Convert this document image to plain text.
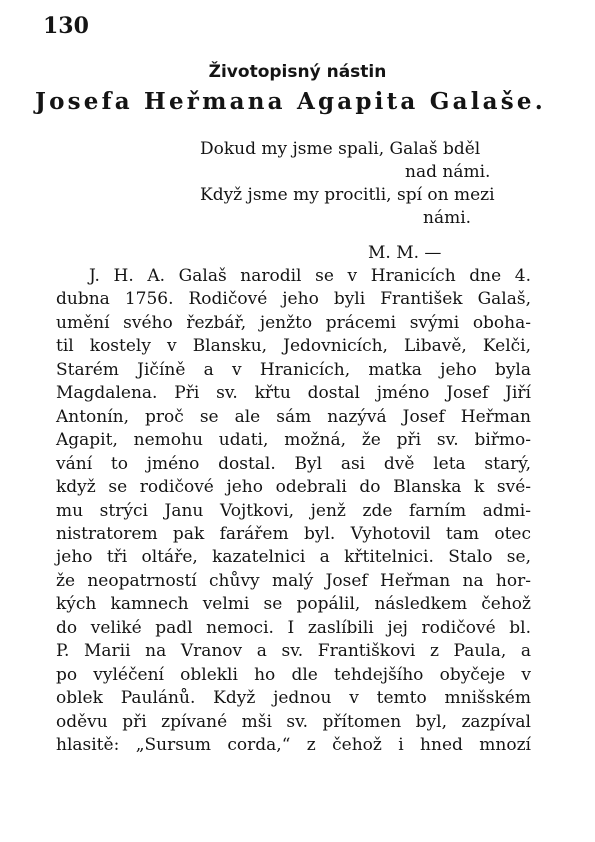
130
Životopisný nástin
Josefa Heřmana Agapita Galaše.
Dokud my jsme spali, Galaš bděl
nad námi.
Když jsme my procitli, spí on mezi
námi.
M. M. —
J. H. A. Galaš narodil se v Hranicích dne 4.
dubna 1756. Rodičové jeho byli František Galaš,
umění svého řezbář, jenžto prácemi svými oboha-
til kostely v Blansku, Jedovnicích, Libavě, Kelči,
Starém Jičíně a v Hranicích, matka jeho byla
Magdalena. Při sv. křtu dostal jméno Josef Jiří
Antonín, proč se ale sám nazývá Josef Heřman
Agapit, nemohu udati, možná, že při sv. biřmo-
vání to jméno dostal. Byl asi dvě leta starý,
když se rodičové jeho odebrali do Blanska k své-
mu strýci Janu Vojtkovi, jenž zde farním admi-
nistratorem pak farářem byl. Vyhotovil tam otec
jeho tři oltáře, kazatelnici a křtitelnici. Stalo se,
že neopatrností chůvy malý Josef Heřman na hor-
kých kamnech velmi se popálil, následkem čehož
do veliké padl nemoci. I zaslíbili jej rodičové bl.
P. Marii na Vranov a sv. Františkovi z Paula, a
po vyléčení oblekli ho dle tehdejšího obyčeje v
oblek Paulánů. Když jednou v temto mnišském
oděvu při zpívané mši sv. přítomen byl, zazpíval
hlasitě: „Sursum corda,“ z čehož i hned mnozí
